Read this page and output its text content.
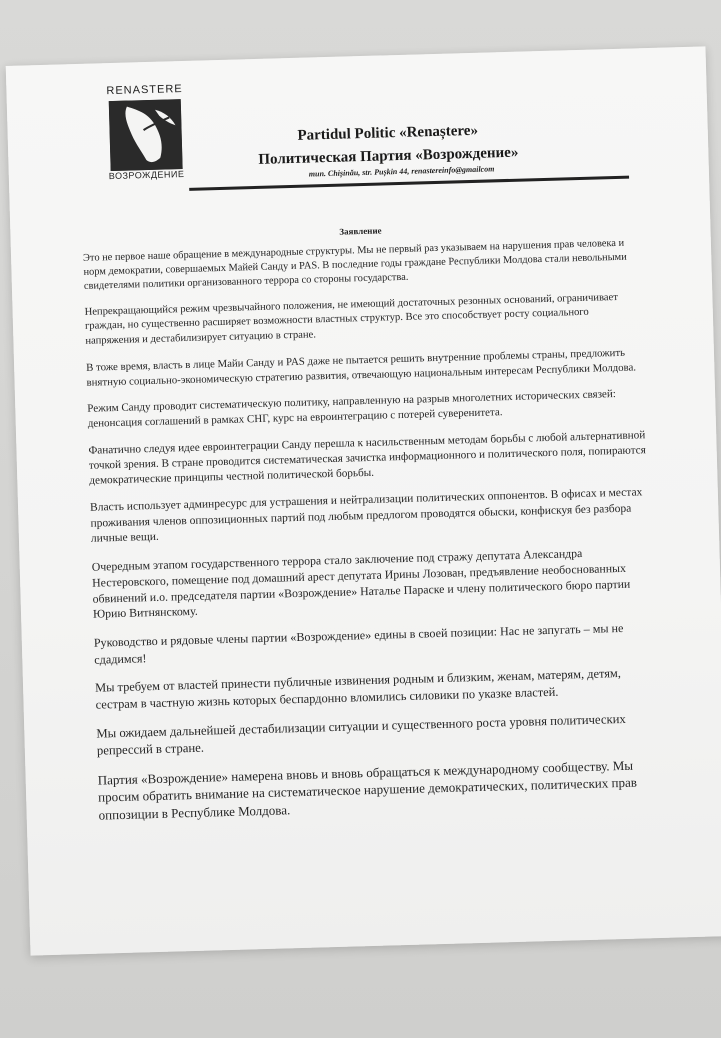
RENASTERE
ВОЗРОЖДЕНИЕ

Partidul Politic «Renaștere»

Политическая Партия «Возрождение»

mun. Chișinău, str. Pușkin 44, renastereinfo@gmailcom
Заявление

Это не первое наше обращение в международные структуры. Мы не первый раз указываем на нарушения прав человека и норм демократии, совершаемых Майей Санду и PAS. В последние годы граждане Республики Молдова стали невольными свидетелями политики организованного террора со стороны государства.

Непрекращающийся режим чрезвычайного положения, не имеющий достаточных резонных оснований, ограничивает граждан, но существенно расширяет возможности властных структур. Все это способствует росту социального напряжения и дестабилизирует ситуацию в стране.

В тоже время, власть в лице Майи Санду и PAS даже не пытается решить внутренние проблемы страны, предложить внятную социально-экономическую стратегию развития, отвечающую национальным интересам Республики Молдова.

Режим Санду проводит систематическую политику, направленную на разрыв многолетних исторических связей: денонсация соглашений в рамках СНГ, курс на евроинтеграцию с потерей суверенитета.

Фанатично следуя идее евроинтеграции Санду перешла к насильственным методам борьбы с любой альтернативной точкой зрения. В стране проводится систематическая зачистка информационного и политического поля, попираются демократические принципы честной политической борьбы.

Власть использует админресурс для устрашения и нейтрализации политических оппонентов. В офисах и местах проживания членов оппозиционных партий под любым предлогом проводятся обыски, конфискуя без разбора личные вещи.

Очередным этапом государственного террора стало заключение под стражу депутата Александра Нестеровского, помещение под домашний арест депутата Ирины Лозован, предъявление необоснованных обвинений и.о. председателя партии «Возрождение» Наталье Параске и члену политического бюро партии Юрию Витнянскому.

Руководство и рядовые члены партии «Возрождение» едины в своей позиции: Нас не запугать – мы не сдадимся!

Мы требуем от властей принести публичные извинения родным и близким, женам, матерям, детям, сестрам в частную жизнь которых беспардонно вломились силовики по указке властей.

Мы ожидаем дальнейшей дестабилизации ситуации и существенного роста уровня политических репрессий в стране.

Партия «Возрождение» намерена вновь и вновь обращаться к международному сообществу. Мы просим обратить внимание на систематическое нарушение демократических, политических прав оппозиции в Республике Молдова.
